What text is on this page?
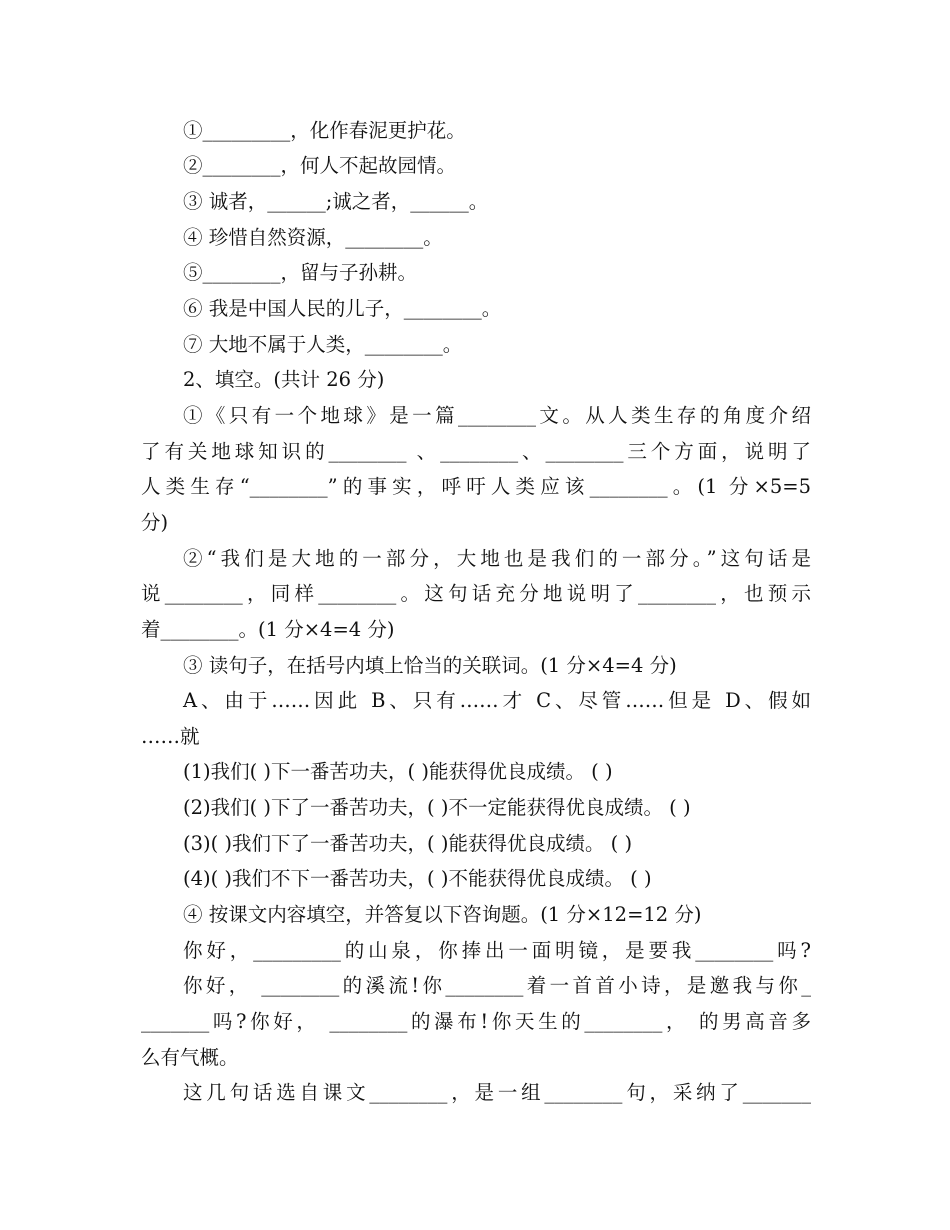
①_________，化作春泥更护花。
②________，何人不起故园情。
③ 诚者，______;诚之者，______。
④ 珍惜自然资源，________。
⑤________，留与子孙耕。
⑥ 我是中国人民的儿子，________。
⑦ 大地不属于人类，________。
2、填空。(共计 26 分)
①《只有一个地球》是一篇________文。从人类生存的角度介绍
了有关地球知识的________ 、________、________三个方面，说明了
人类生存“________”的事实，呼吁人类应该________。(1 分×5=5
分)
②“我们是大地的一部分，大地也是我们的一部分。”这句话是
说________，同样________。这句话充分地说明了________，也预示
着________。(1 分×4=4 分)
③ 读句子，在括号内填上恰当的关联词。(1 分×4=4 分)
A、由于……因此 B、只有……才 C、尽管……但是 D、假如
……就
(1)我们( )下一番苦功夫，( )能获得优良成绩。 ( )
(2)我们( )下了一番苦功夫，( )不一定能获得优良成绩。 ( )
(3)( )我们下了一番苦功夫，( )能获得优良成绩。 ( )
(4)( )我们不下一番苦功夫，( )不能获得优良成绩。 ( )
④ 按课文内容填空，并答复以下咨询题。(1 分×12=12 分)
你好，_________的山泉，你捧出一面明镜，是要我________吗?
你好， ________的溪流!你________着一首首小诗，是邀我与你_
_______吗?你好， ________的瀑布!你天生的________， 的男高音多
么有气概。
这几句话选自课文________，是一组________句，采纳了_______
